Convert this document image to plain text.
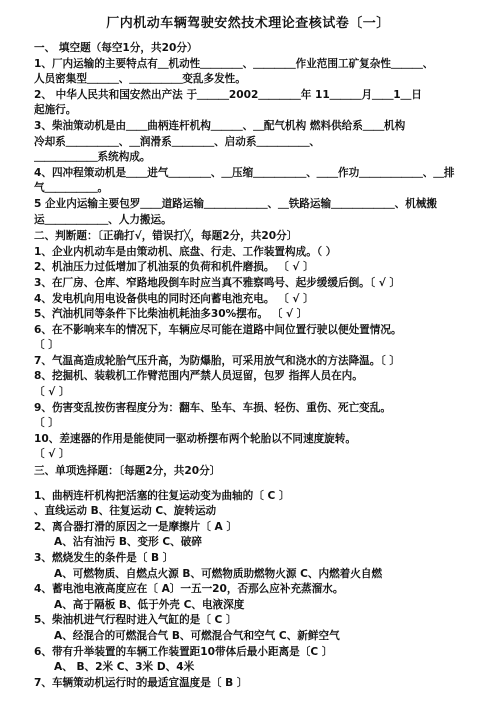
厂内机动车辆驾驶安然技术理论查核试卷〔一〕
一、 填空题（每空1分，共20分）
1、厂内运输的主要特点有＿机动性＿＿＿＿、＿＿＿＿作业范围工矿复杂性＿＿＿、
人员密集型＿＿＿、＿＿＿＿＿变乱多发性。
2、 中华人民共和国安然出产法 于＿＿＿2002＿＿＿＿年 11＿＿＿月＿＿1＿日
起施行。
3、柴油策动机是由＿＿曲柄连杆机构＿＿＿、＿配气机构 燃料供给系＿＿机构
冷却系＿＿＿＿＿、＿润滑系＿＿＿＿、启动系＿＿＿＿＿、
＿＿＿＿＿＿系统构成。
4、四冲程策动机是＿＿进气＿＿＿＿、＿压缩＿＿＿＿＿、＿＿作功＿＿＿＿＿＿、＿排
气＿＿＿＿＿。
5 企业内运输主要包罗＿＿道路运输＿＿＿＿＿＿、＿铁路运输＿＿＿＿＿＿、机械搬
运＿＿＿＿＿＿、人力搬运。
二、判断题：〔正确打√，错误打╳，每题2分，共20分〕
1、企业内机动车是由策动机、底盘、行走、工作装置构成。（ ）
2、机油压力过低增加了机油泵的负荷和机件磨损。 〔 √ 〕
3、在厂房、仓库、窄路地段倒车时应当真不雅察鸣号、起步缓缓后倒。〔 √ 〕
4、发电机向用电设备供电的同时还向蓄电池充电。 〔 √ 〕
5、汽油机同等条件下比柴油机耗油多30%摆布。 〔 √ 〕
6、在不影响来车的情况下，车辆应尽可能在道路中间位置行驶以便处置情况。
〔 〕
7、气温高造成轮胎气压升高，为防爆胎，可采用放气和浇水的方法降温。〔 〕
8、挖掘机、装载机工作臂范围内严禁人员逗留，包罗 指挥人员在内。
〔 √ 〕
9、伤害变乱按伤害程度分为：翻车、坠车、车损、轻伤、重伤、死亡变乱。
〔 〕
10、差速器的作用是能使同一驱动桥摆布两个轮胎以不同速度旋转。
〔 √ 〕
三、单项选择题：〔每题2分，共20分〕
1、曲柄连杆机构把活塞的往复运动变为曲轴的〔 C 〕
、直线运动 B、往复运动 C、旋转运动
2、离合器打滑的原因之一是摩擦片〔 A 〕
A、沾有油污 B、变形 C、破碎
3、燃烧发生的条件是〔 B 〕
A、可燃物质、自燃点火源 B、可燃物质助燃物火源 C、内燃着火自燃
4、蓄电池电液高度应在〔 A〕一五一20，否那么应补充蒸溜水。
A、高于隔板 B、低于外壳 C、电液深度
5、柴油机进气行程时进入气缸的是〔 C 〕
A、经混合的可燃混合气 B、可燃混合气和空气 C、新鲜空气
6、带有升举装置的车辆工作装置距10带体后最小距离是〔C 〕
A、 B、2米 C、3米 D、4米
7、车辆策动机运行时的最适宜温度是〔 B 〕
